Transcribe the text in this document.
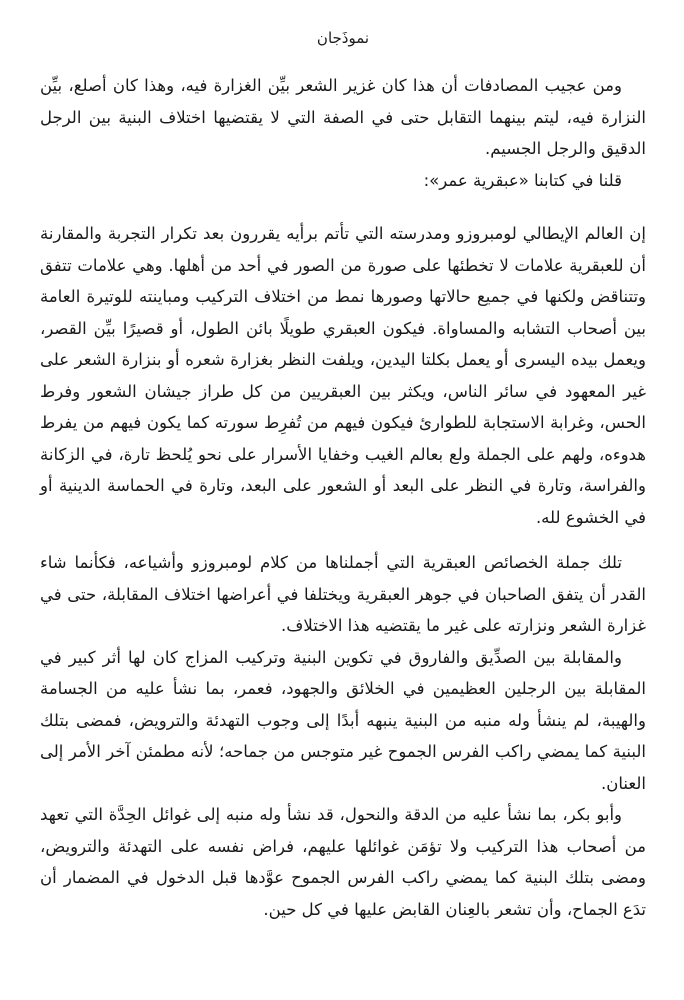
نموذَجان

ومن عجيب المصادفات أن هذا كان غزير الشعر بيِّن الغزارة فيه، وهذا كان أصلع، بيِّن النزارة فيه، ليتم بينهما التقابل حتى في الصفة التي لا يقتضيها اختلاف البنية بين الرجل الدقيق والرجل الجسيم.

قلنا في كتابنا «عبقرية عمر»:

إن العالم الإيطالي لومبروزو ومدرسته التي تأتم برأيه يقررون بعد تكرار التجربة والمقارنة أن للعبقرية علامات لا تخطئها على صورة من الصور في أحد من أهلها. وهي علامات تتفق وتتناقض ولكنها في جميع حالاتها وصورها نمط من اختلاف التركيب ومباينته للوتيرة العامة بين أصحاب التشابه والمساواة. فيكون العبقري طويلًا بائن الطول، أو قصيرًا بيِّن القصر، ويعمل بيده اليسرى أو يعمل بكلتا اليدين، ويلفت النظر بغزارة شعره أو بنزارة الشعر على غير المعهود في سائر الناس، ويكثر بين العبقريين من كل طراز جيشان الشعور وفرط الحس، وغرابة الاستجابة للطوارئ فيكون فيهم من تُفرِط سورته كما يكون فيهم من يفرط هدوءه، ولهم على الجملة ولع بعالم الغيب وخفايا الأسرار على نحو يُلحظ تارة، في الزكانة والفراسة، وتارة في النظر على البعد أو الشعور على البعد، وتارة في الحماسة الدينية أو في الخشوع لله.

تلك جملة الخصائص العبقرية التي أجملناها من كلام لومبروزو وأشياعه، فكأنما شاء القدر أن يتفق الصاحبان في جوهر العبقرية ويختلفا في أعراضها اختلاف المقابلة، حتى في غزارة الشعر ونزارته على غير ما يقتضيه هذا الاختلاف.

والمقابلة بين الصدِّيق والفاروق في تكوين البنية وتركيب المزاج كان لها أثر كبير في المقابلة بين الرجلين العظيمين في الخلائق والجهود، فعمر، بما نشأ عليه من الجسامة والهيبة، لم ينشأ وله منبه من البنية ينبهه أبدًا إلى وجوب التهدئة والترويض، فمضى بتلك البنية كما يمضي راكب الفرس الجموح غير متوجس من جماحه؛ لأنه مطمئن آخر الأمر إلى العنان.

وأبو بكر، بما نشأ عليه من الدقة والنحول، قد نشأ وله منبه إلى غوائل الحِدَّة التي تعهد من أصحاب هذا التركيب ولا تؤمَن غوائلها عليهم، فراض نفسه على التهدئة والترويض، ومضى بتلك البنية كما يمضي راكب الفرس الجموح عوَّدها قبل الدخول في المضمار أن تدَع الجماح، وأن تشعر بالعِنان القابض عليها في كل حين.
